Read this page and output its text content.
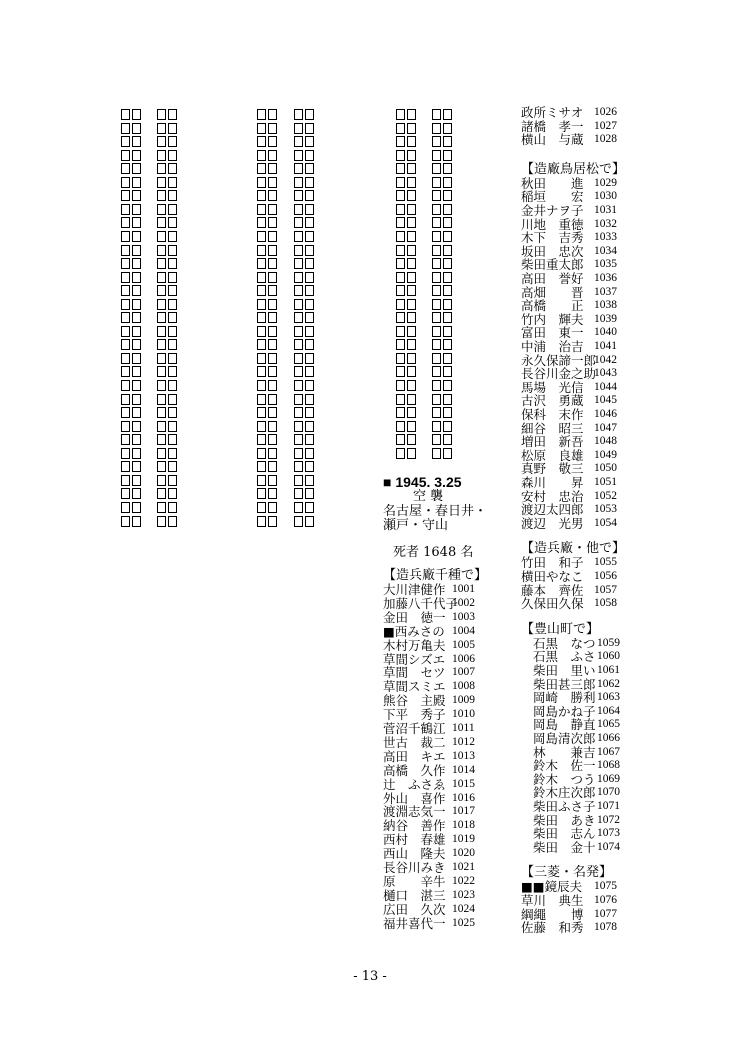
■ 1945. 3.25
空 襲
名古屋・春日井・
瀬戸・守山
死者 1648 名
【造兵廠千種で】
大川津健作 1001
加藤八千代子
1002
金田　徳一 1003
■西みさの 1004
木村万亀夫 1005
草間シズエ 1006
草間　セツ 1007
草間スミエ 1008
熊谷　主殿 1009
下平　秀子 1010
菅沼千鶴江 1011
世古　裁二 1012
高田　キエ 1013
高橋　久作 1014
辻　ふさゑ 1015
外山　喜作 1016
渡淵志気一 1017
納谷　善作 1018
西村　春雄 1019
西山　隆夫 1020
長谷川みき 1021
原　　辛牛 1022
樋口　湛三 1023
広田　久次 1024
福井喜代一 1025
政所ミサオ 1026
諸橋　孝一 1027
横山　与蔵 1028
【造廠鳥居松で】
秋田　　進 1029
稲垣　　宏 1030
金井ナヲ子 1031
川地　重徳 1032
木下　吉秀 1033
坂田　忠次 1034
柴田重太郎 1035
高田　誉好 1036
高畑　　晋 1037
高橋　　正 1038
竹内　輝夫 1039
富田　東一 1040
中浦　治吉 1041
永久保諦一郎
1042
長谷川金之助
1043
馬場　光信 1044
古沢　勇蔵 1045
保科　末作 1046
細谷　昭三 1047
増田　新吾 1048
松原　良雄 1049
真野　敬三 1050
森川　　昇 1051
安村　忠治 1052
渡辺太四郎 1053
渡辺　光男 1054
【造兵廠・他で】
竹田　和子 1055
横田やなこ 1056
藤本　齊佐 1057
久保田久保 1058
【豊山町で】
石黒　なつ 1059
石黒　ふさ 1060
柴田　里い 1061
柴田甚三郎 1062
岡崎　勝利 1063
岡島かね子 1064
岡島　静直 1065
岡島清次郎 1066
林　　兼吉 1067
鈴木　佐一 1068
鈴木　つう 1069
鈴木庄次郎 1070
柴田ふさ子 1071
柴田　あき 1072
柴田　志ん 1073
柴田　金十 1074
【三菱・名発】
■■鏡辰夫 1075
草川　典生 1076
綱繩　　博 1077
佐藤　和秀 1078
- 13 -
